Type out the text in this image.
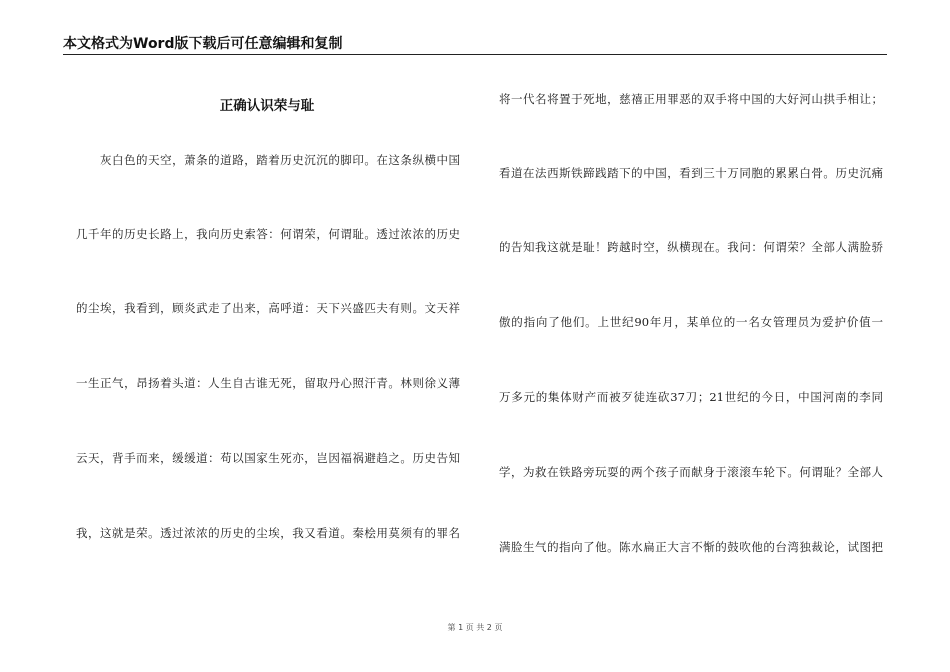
本文格式为Word版下载后可任意编辑和复制
正确认识荣与耻
灰白色的天空，萧条的道路，踏着历史沉沉的脚印。在这条纵横中国
几千年的历史长路上，我向历史索答：何谓荣，何谓耻。透过浓浓的历史
的尘埃，我看到，顾炎武走了出来，高呼道：天下兴盛匹夫有则。文天祥
一生正气，昂扬着头道：人生自古谁无死，留取丹心照汗青。林则徐义薄
云天，背手而来，缓缓道：苟以国家生死亦，岂因福祸避趋之。历史告知
我，这就是荣。透过浓浓的历史的尘埃，我又看道。秦桧用莫须有的罪名
将一代名将置于死地，慈禧正用罪恶的双手将中国的大好河山拱手相让；
看道在法西斯铁蹄践踏下的中国，看到三十万同胞的累累白骨。历史沉痛
的告知我这就是耻！跨越时空，纵横现在。我问：何谓荣？全部人满脸骄
傲的指向了他们。上世纪90年月，某单位的一名女管理员为爱护价值一
万多元的集体财产而被歹徒连砍37刀；21世纪的今日，中国河南的李同
学，为救在铁路旁玩耍的两个孩子而献身于滚滚车轮下。何谓耻？全部人
满脸生气的指向了他。陈水扁正大言不惭的鼓吹他的台湾独裁论，试图把
第 1 页 共 2 页
